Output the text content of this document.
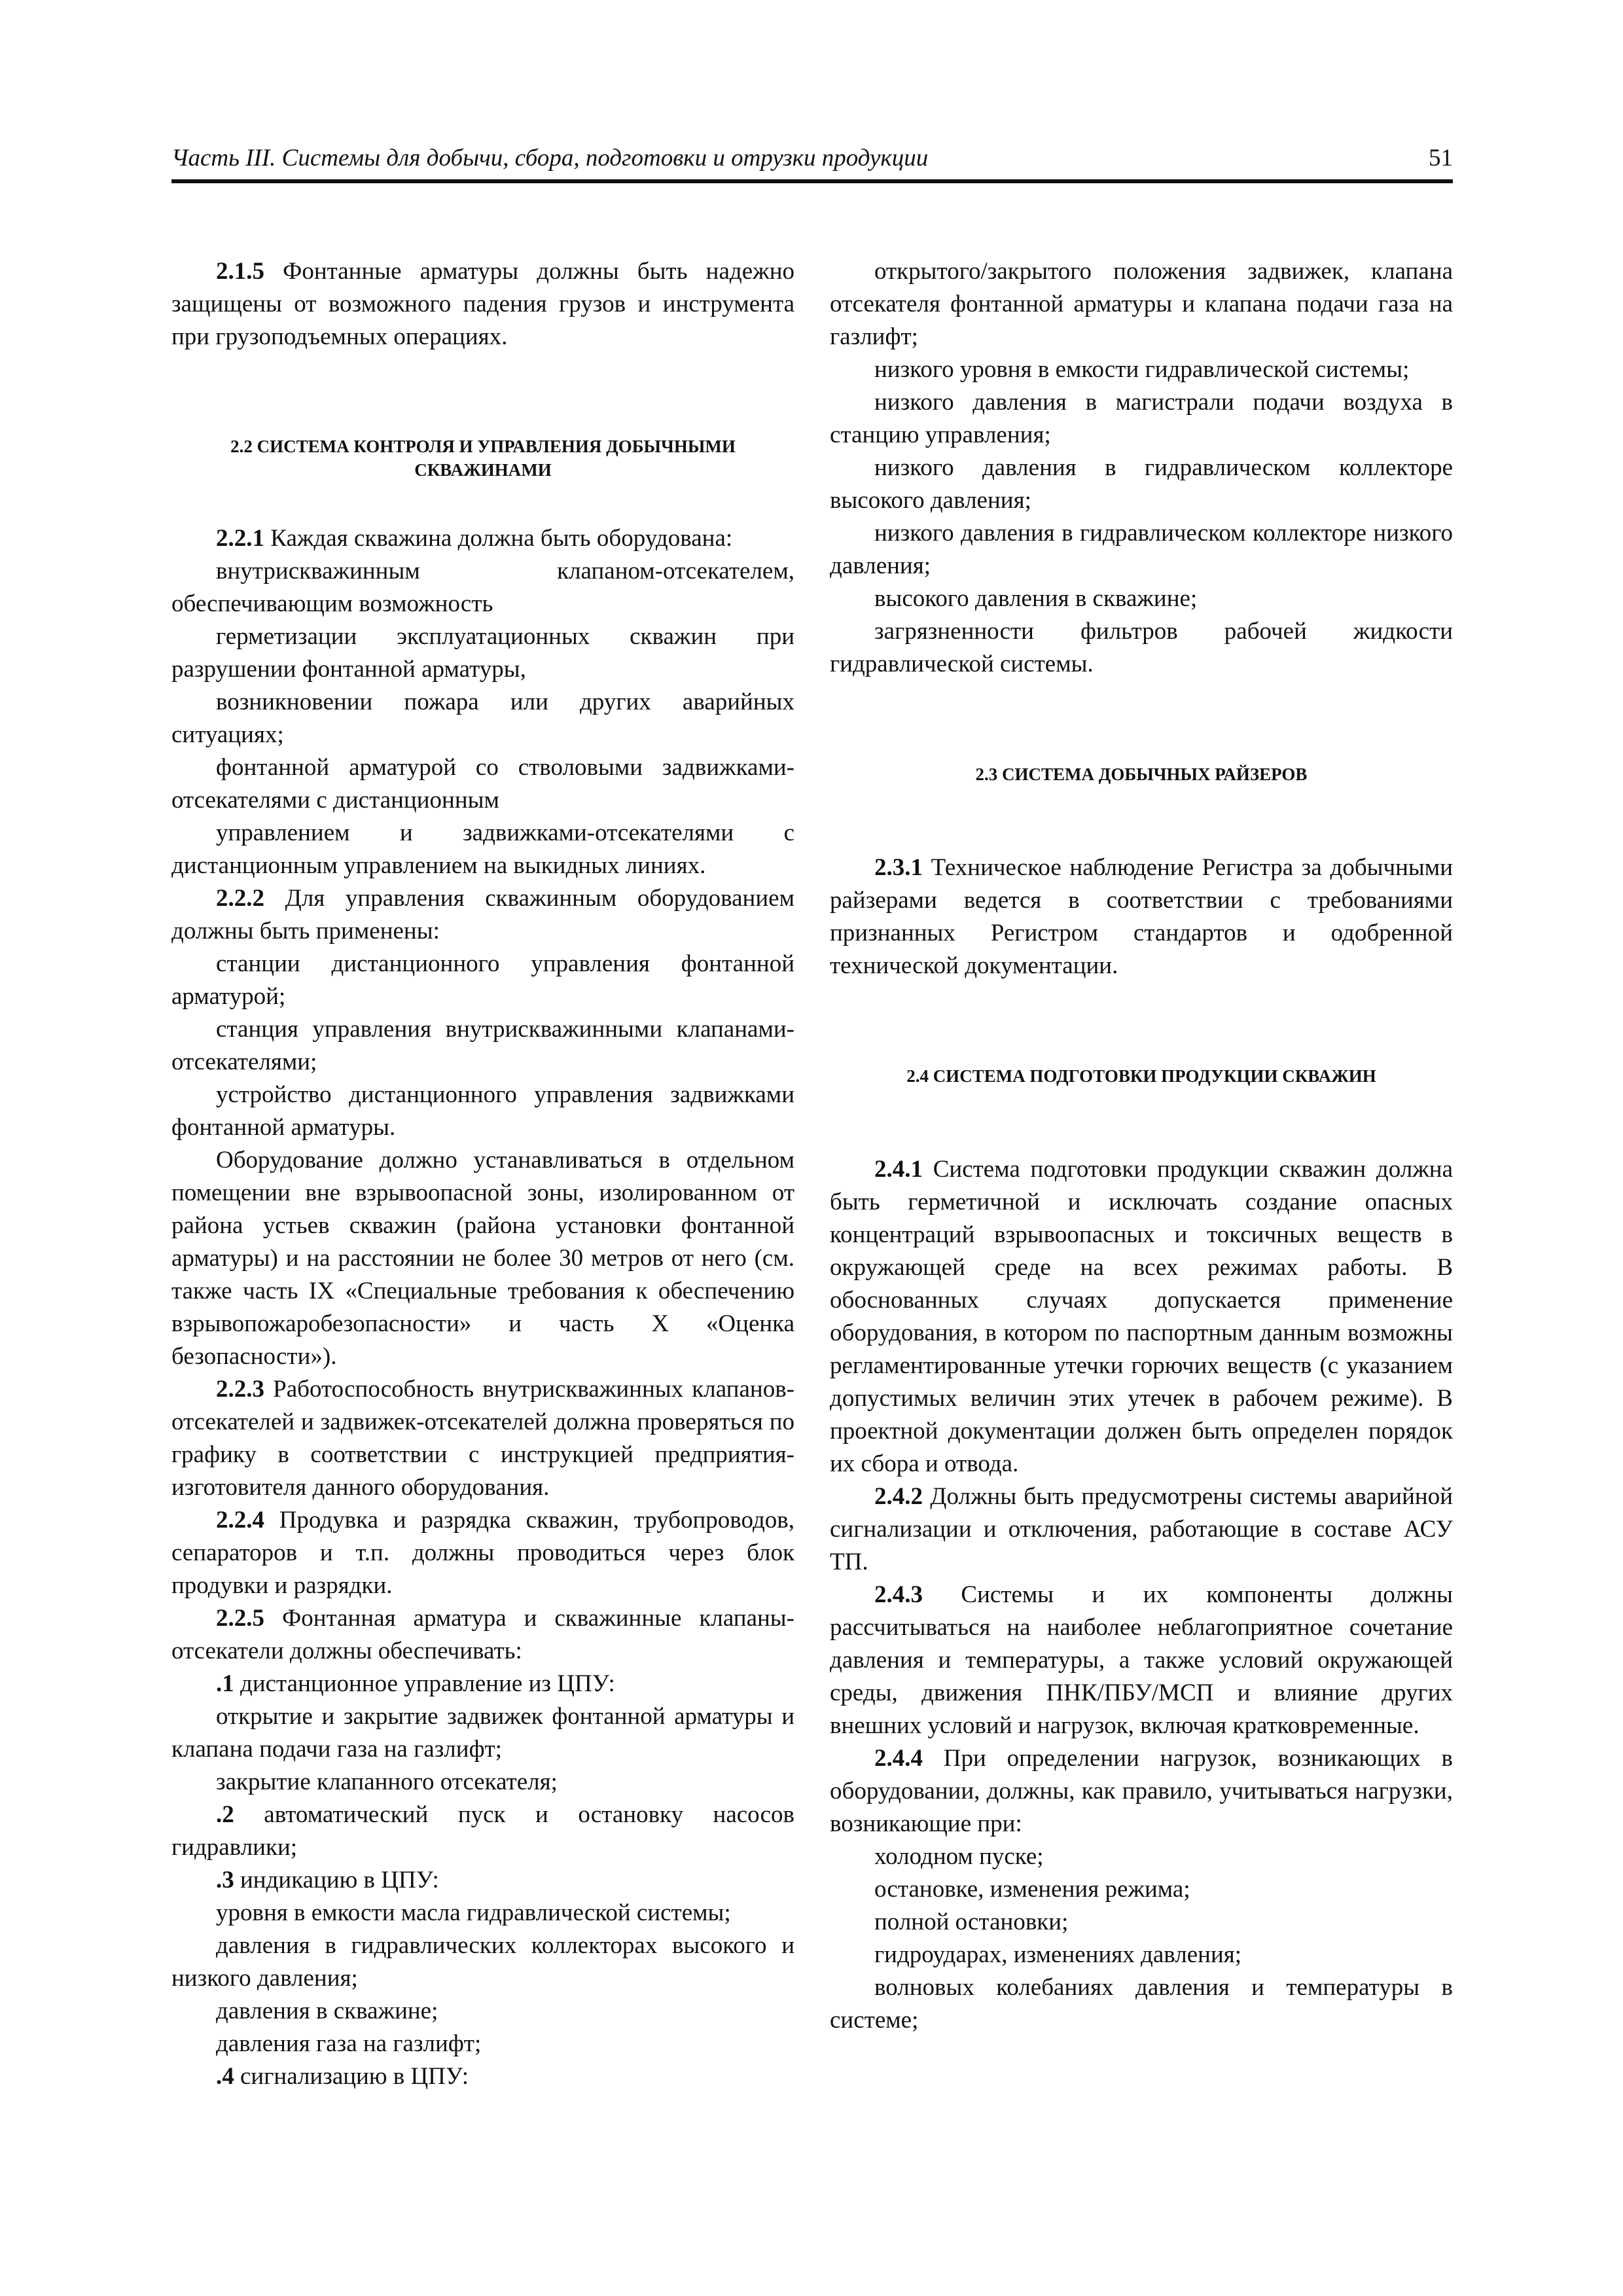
Часть III. Системы для добычи, сбора, подготовки и отрузки продукции	51

2.1.5 Фонтанные арматуры должны быть надежно защищены от возможного падения грузов и инструмента при грузоподъемных операциях.

2.2 СИСТЕМА КОНТРОЛЯ И УПРАВЛЕНИЯ ДОБЫЧНЫМИ
СКВАЖИНАМИ

2.2.1 Каждая скважина должна быть оборудована:

внутрискважинным клапаном-отсекателем, обеспечивающим возможность

герметизации эксплуатационных скважин при разрушении фонтанной арматуры,

возникновении пожара или других аварийных ситуациях;

фонтанной арматурой со стволовыми задвижками-отсекателями с дистанционным

управлением и задвижками-отсекателями с дистанционным управлением на выкидных линиях.

2.2.2 Для управления скважинным оборудованием должны быть применены:

станции дистанционного управления фонтанной арматурой;

станция управления внутрискважинными клапанами-отсекателями;

устройство дистанционного управления задвижками фонтанной арматуры.

Оборудование должно устанавливаться в отдельном помещении вне взрывоопасной зоны, изолированном от района устьев скважин (района установки фонтанной арматуры) и на расстоянии не более 30 метров от него (см. также часть IX «Специальные требования к обеспечению взрывопожаробезопасности» и часть X «Оценка безопасности»).

2.2.3 Работоспособность внутрискважинных клапанов-отсекателей и задвижек-отсекателей должна проверяться по графику в соответствии с инструкцией предприятия-изготовителя данного оборудования.

2.2.4 Продувка и разрядка скважин, трубопроводов, сепараторов и т.п. должны проводиться через блок продувки и разрядки.

2.2.5 Фонтанная арматура и скважинные клапаны-отсекатели должны обеспечивать:

.1 дистанционное управление из ЦПУ:

открытие и закрытие задвижек фонтанной арматуры и клапана подачи газа на газлифт;

закрытие клапанного отсекателя;

.2 автоматический пуск и остановку насосов гидравлики;

.3 индикацию в ЦПУ:

уровня в емкости масла гидравлической системы;

давления в гидравлических коллекторах высокого и низкого давления;

давления в скважине;

давления газа на газлифт;

.4 сигнализацию в ЦПУ:

открытого/закрытого положения задвижек, клапана отсекателя фонтанной арматуры и клапана подачи газа на газлифт;

низкого уровня в емкости гидравлической системы;

низкого давления в магистрали подачи воздуха в станцию управления;

низкого давления в гидравлическом коллекторе высокого давления;

низкого давления в гидравлическом коллекторе низкого давления;

высокого давления в скважине;

загрязненности фильтров рабочей жидкости гидравлической системы.

2.3 СИСТЕМА ДОБЫЧНЫХ РАЙЗЕРОВ

2.3.1 Техническое наблюдение Регистра за добычными райзерами ведется в соответствии с требованиями признанных Регистром стандартов и одобренной технической документации.

2.4 СИСТЕМА ПОДГОТОВКИ ПРОДУКЦИИ СКВАЖИН

2.4.1 Система подготовки продукции скважин должна быть герметичной и исключать создание опасных концентраций взрывоопасных и токсичных веществ в окружающей среде на всех режимах работы. В обоснованных случаях допускается применение оборудования, в котором по паспортным данным возможны регламентированные утечки горючих веществ (с указанием допустимых величин этих утечек в рабочем режиме). В проектной документации должен быть определен порядок их сбора и отвода.

2.4.2 Должны быть предусмотрены системы аварийной сигнализации и отключения, работающие в составе АСУ ТП.

2.4.3 Системы и их компоненты должны рассчитываться на наиболее неблагоприятное сочетание давления и температуры, а также условий окружающей среды, движения ПНК/ПБУ/МСП и влияние других внешних условий и нагрузок, включая кратковременные.

2.4.4 При определении нагрузок, возникающих в оборудовании, должны, как правило, учитываться нагрузки, возникающие при:

холодном пуске;

остановке, изменения режима;

полной остановки;

гидроударах, изменениях давления;

волновых колебаниях давления и температуры в системе;
